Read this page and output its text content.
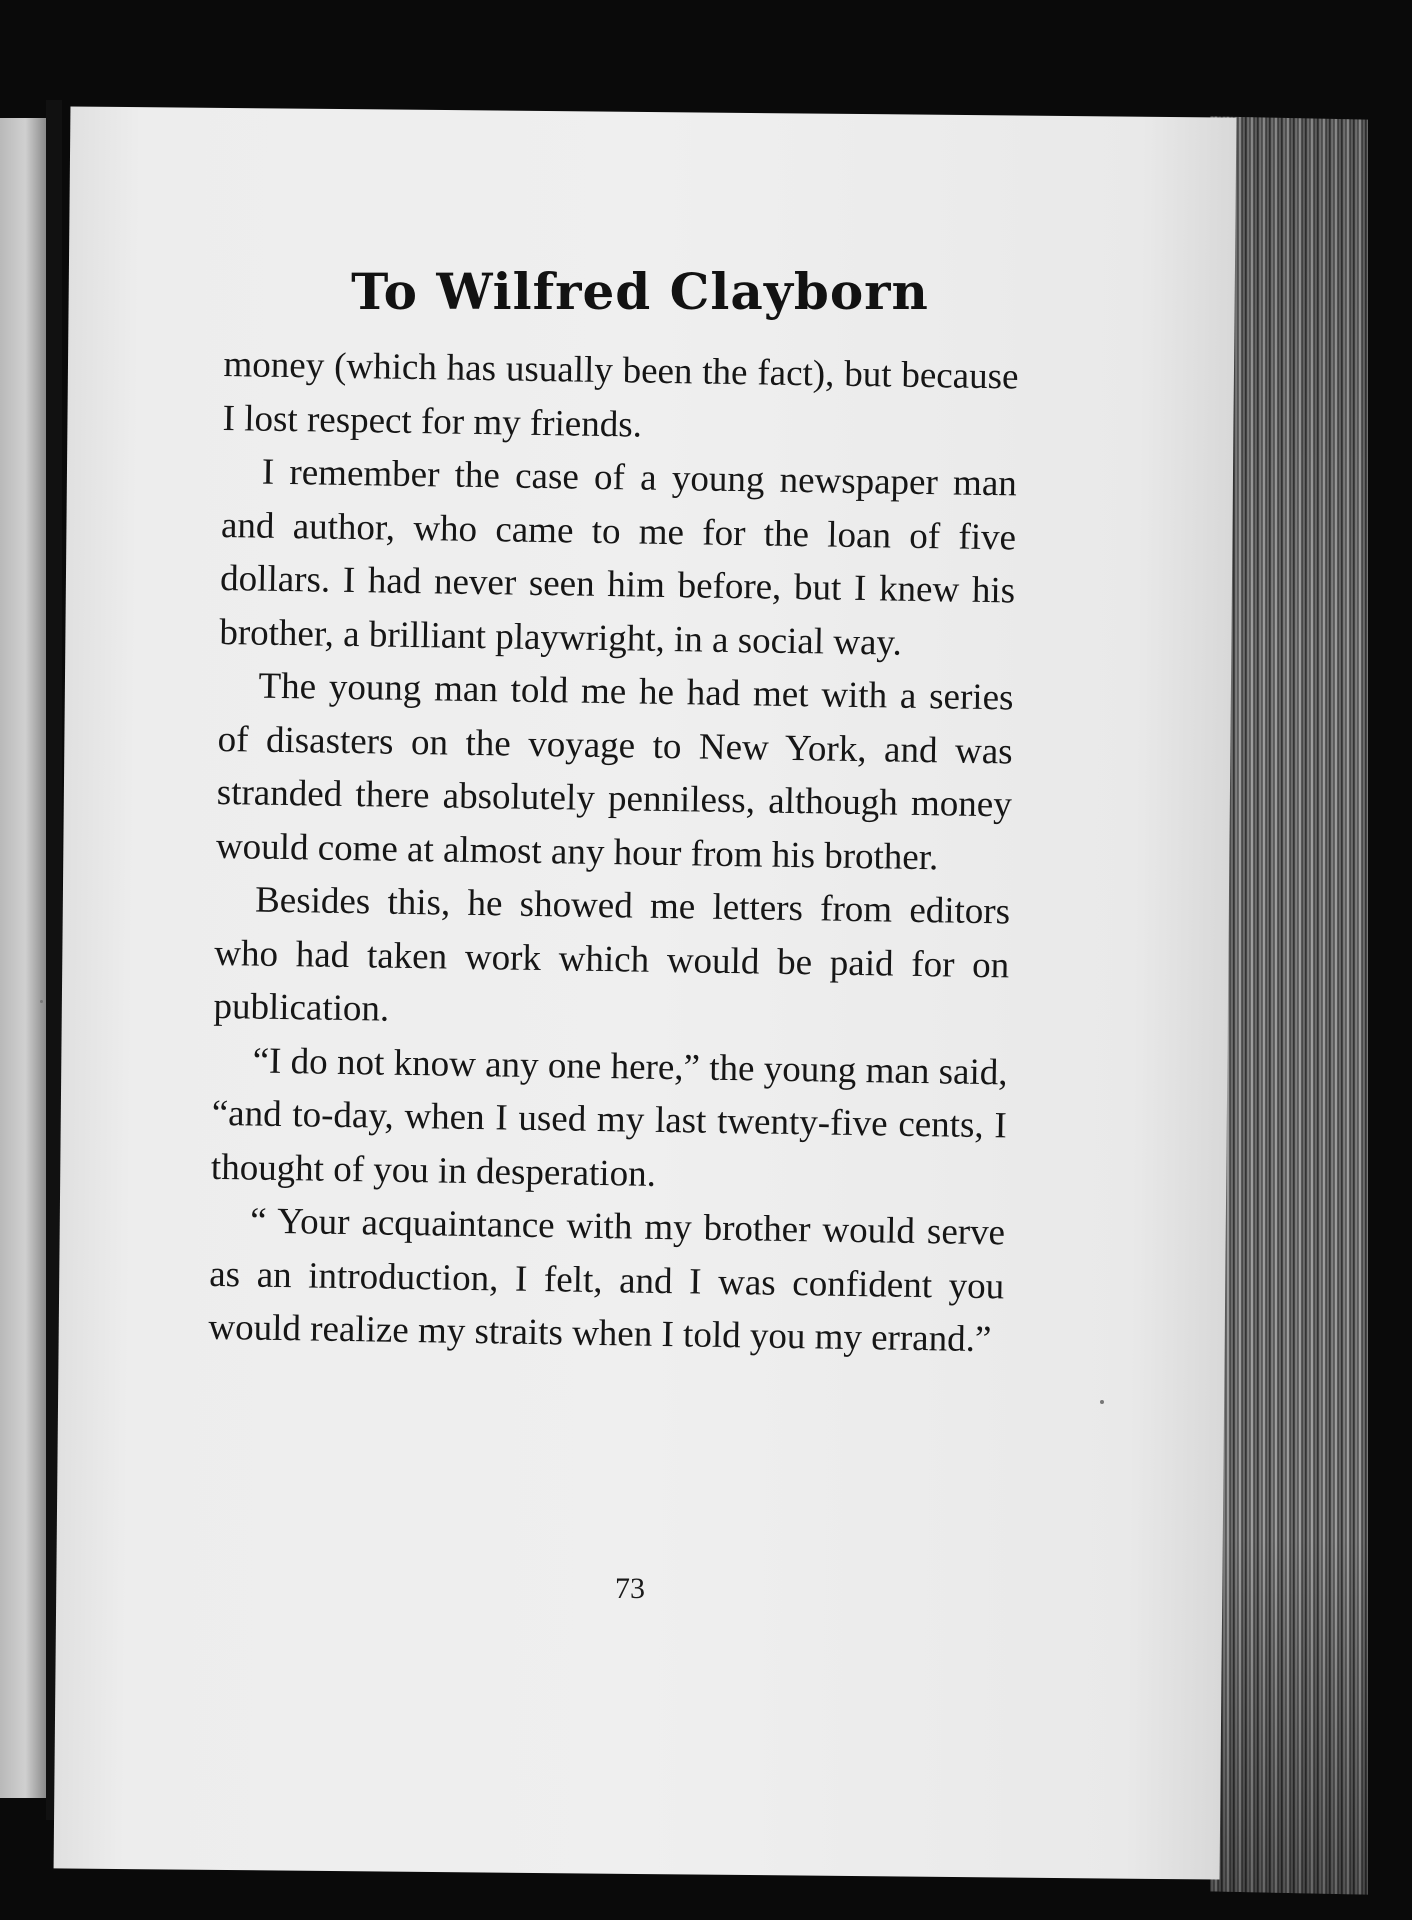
To Wilfred Clayborn

money (which has usually been the fact), but because I lost respect for my friends.

I remember the case of a young newspaper man and author, who came to me for the loan of five dollars. I had never seen him before, but I knew his brother, a brilliant playwright, in a social way.

The young man told me he had met with a series of disasters on the voyage to New York, and was stranded there absolutely penniless, although money would come at almost any hour from his brother.

Besides this, he showed me letters from editors who had taken work which would be paid for on publication.

“I do not know any one here,” the young man said, “and to-day, when I used my last twenty-five cents, I thought of you in desperation.

“ Your acquaintance with my brother would serve as an introduction, I felt, and I was confident you would realize my straits when I told you my errand.”

73
